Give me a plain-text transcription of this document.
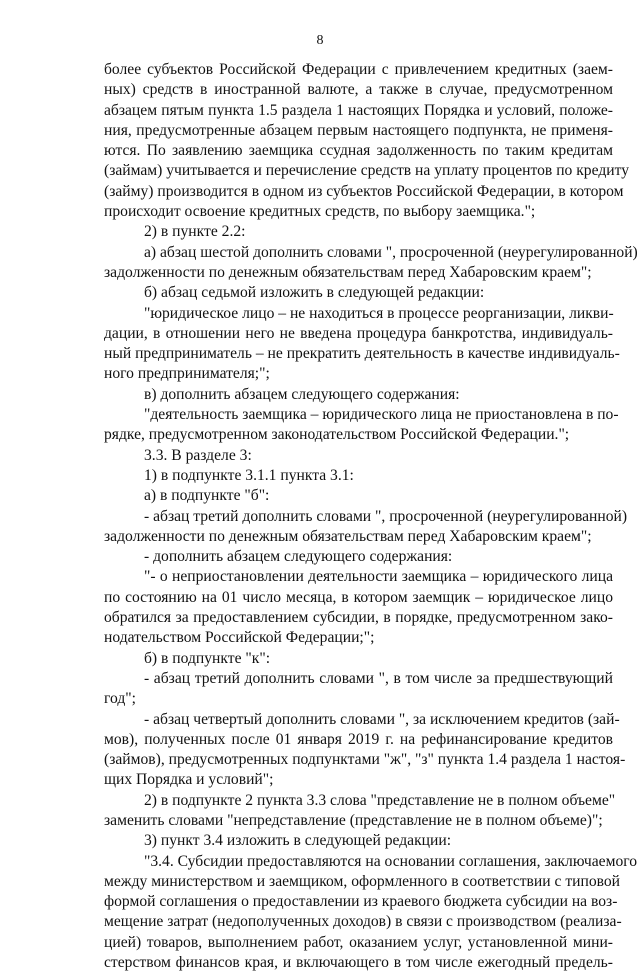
8
более субъектов Российской Федерации с привлечением кредитных (заем-
ных) средств в иностранной валюте, а также в случае, предусмотренном
абзацем пятым пункта 1.5 раздела 1 настоящих Порядка и условий, положе-
ния, предусмотренные абзацем первым настоящего подпункта, не применя-
ются. По заявлению заемщика ссудная задолженность по таким кредитам
(займам) учитывается и перечисление средств на уплату процентов по кредиту
(займу) производится в одном из субъектов Российской Федерации, в котором
происходит освоение кредитных средств, по выбору заемщика.";
2) в пункте 2.2:
а) абзац шестой дополнить словами ", просроченной (неурегулированной)
задолженности по денежным обязательствам перед Хабаровским краем";
б) абзац седьмой изложить в следующей редакции:
"юридическое лицо – не находиться в процессе реорганизации, ликви-
дации, в отношении него не введена процедура банкротства, индивидуаль-
ный предприниматель – не прекратить деятельность в качестве индивидуаль-
ного предпринимателя;";
в) дополнить абзацем следующего содержания:
"деятельность заемщика – юридического лица не приостановлена в по-
рядке, предусмотренном законодательством Российской Федерации.";
3.3. В разделе 3:
1) в подпункте 3.1.1 пункта 3.1:
а) в подпункте "б":
- абзац третий дополнить словами ", просроченной (неурегулированной)
задолженности по денежным обязательствам перед Хабаровским краем";
- дополнить абзацем следующего содержания:
"- о неприостановлении деятельности заемщика – юридического лица
по состоянию на 01 число месяца, в котором заемщик – юридическое лицо
обратился за предоставлением субсидии, в порядке, предусмотренном зако-
нодательством Российской Федерации;";
б) в подпункте "к":
- абзац третий дополнить словами ", в том числе за предшествующий
год";
- абзац четвертый дополнить словами ", за исключением кредитов (зай-
мов), полученных после 01 января 2019 г. на рефинансирование кредитов
(займов), предусмотренных подпунктами "ж", "з" пункта 1.4 раздела 1 настоя-
щих Порядка и условий";
2) в подпункте 2 пункта 3.3 слова "представление не в полном объеме"
заменить словами "непредставление (представление не в полном объеме)";
3) пункт 3.4 изложить в следующей редакции:
"3.4. Субсидии предоставляются на основании соглашения, заключаемого
между министерством и заемщиком, оформленного в соответствии с типовой
формой соглашения о предоставлении из краевого бюджета субсидии на воз-
мещение затрат (недополученных доходов) в связи с производством (реализа-
цией) товаров, выполнением работ, оказанием услуг, установленной мини-
стерством финансов края, и включающего в том числе ежегодный предель-
